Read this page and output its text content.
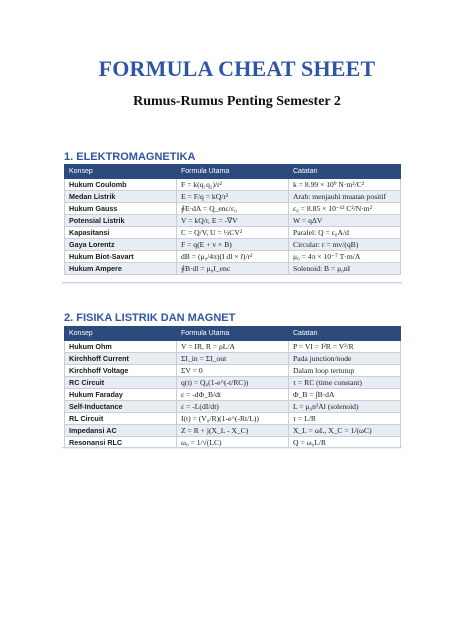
FORMULA CHEAT SHEET
Rumus-Rumus Penting Semester 2
1. ELEKTROMAGNETIKA
Konsep	Formula Utama	Catatan
Hukum Coulomb	F = k(q₁q₂)/r²	k = 8.99 × 10⁹ N·m²/C²
Medan Listrik	E = F/q = kQ/r²	Arah: menjauhi muatan positif
Hukum Gauss	∮E·dA = Q_enc/ε₀	ε₀ = 8.85 × 10⁻¹² C²/N·m²
Potensial Listrik	V = kQ/r, E = -∇V	W = qΔV
Kapasitansi	C = Q/V, U = ½CV²	Paralel: Q = ε₀A/d
Gaya Lorentz	F = q(E + v × B)	Circular: r = mv/(qB)
Hukum Biot-Savart	dB = (μ₀/4π)(I dl × r̂)/r²	μ₀ = 4π × 10⁻⁷ T·m/A
Hukum Ampere	∮B·dl = μ₀I_enc	Solenoid: B = μ₀nI
2. FISIKA LISTRIK DAN MAGNET
Konsep	Formula Utama	Catatan
Hukum Ohm	V = IR, R = ρL/A	P = VI = I²R = V²/R
Kirchhoff Current	ΣI_in = ΣI_out	Pada junction/node
Kirchhoff Voltage	ΣV = 0	Dalam loop tertutup
RC Circuit	q(t) = Q₀(1-e^(-t/RC))	τ = RC (time constant)
Hukum Faraday	ε = -dΦ_B/dt	Φ_B = ∫B·dA
Self-Inductance	ε = -L(dI/dt)	L = μ₀n²Al (solenoid)
RL Circuit	I(t) = (V₀/R)(1-e^(-Rt/L))	τ = L/R
Impedansi AC	Z = R + j(X_L - X_C)	X_L = ωL, X_C = 1/(ωC)
Resonansi RLC	ω₀ = 1/√(LC)	Q = ω₀L/R
